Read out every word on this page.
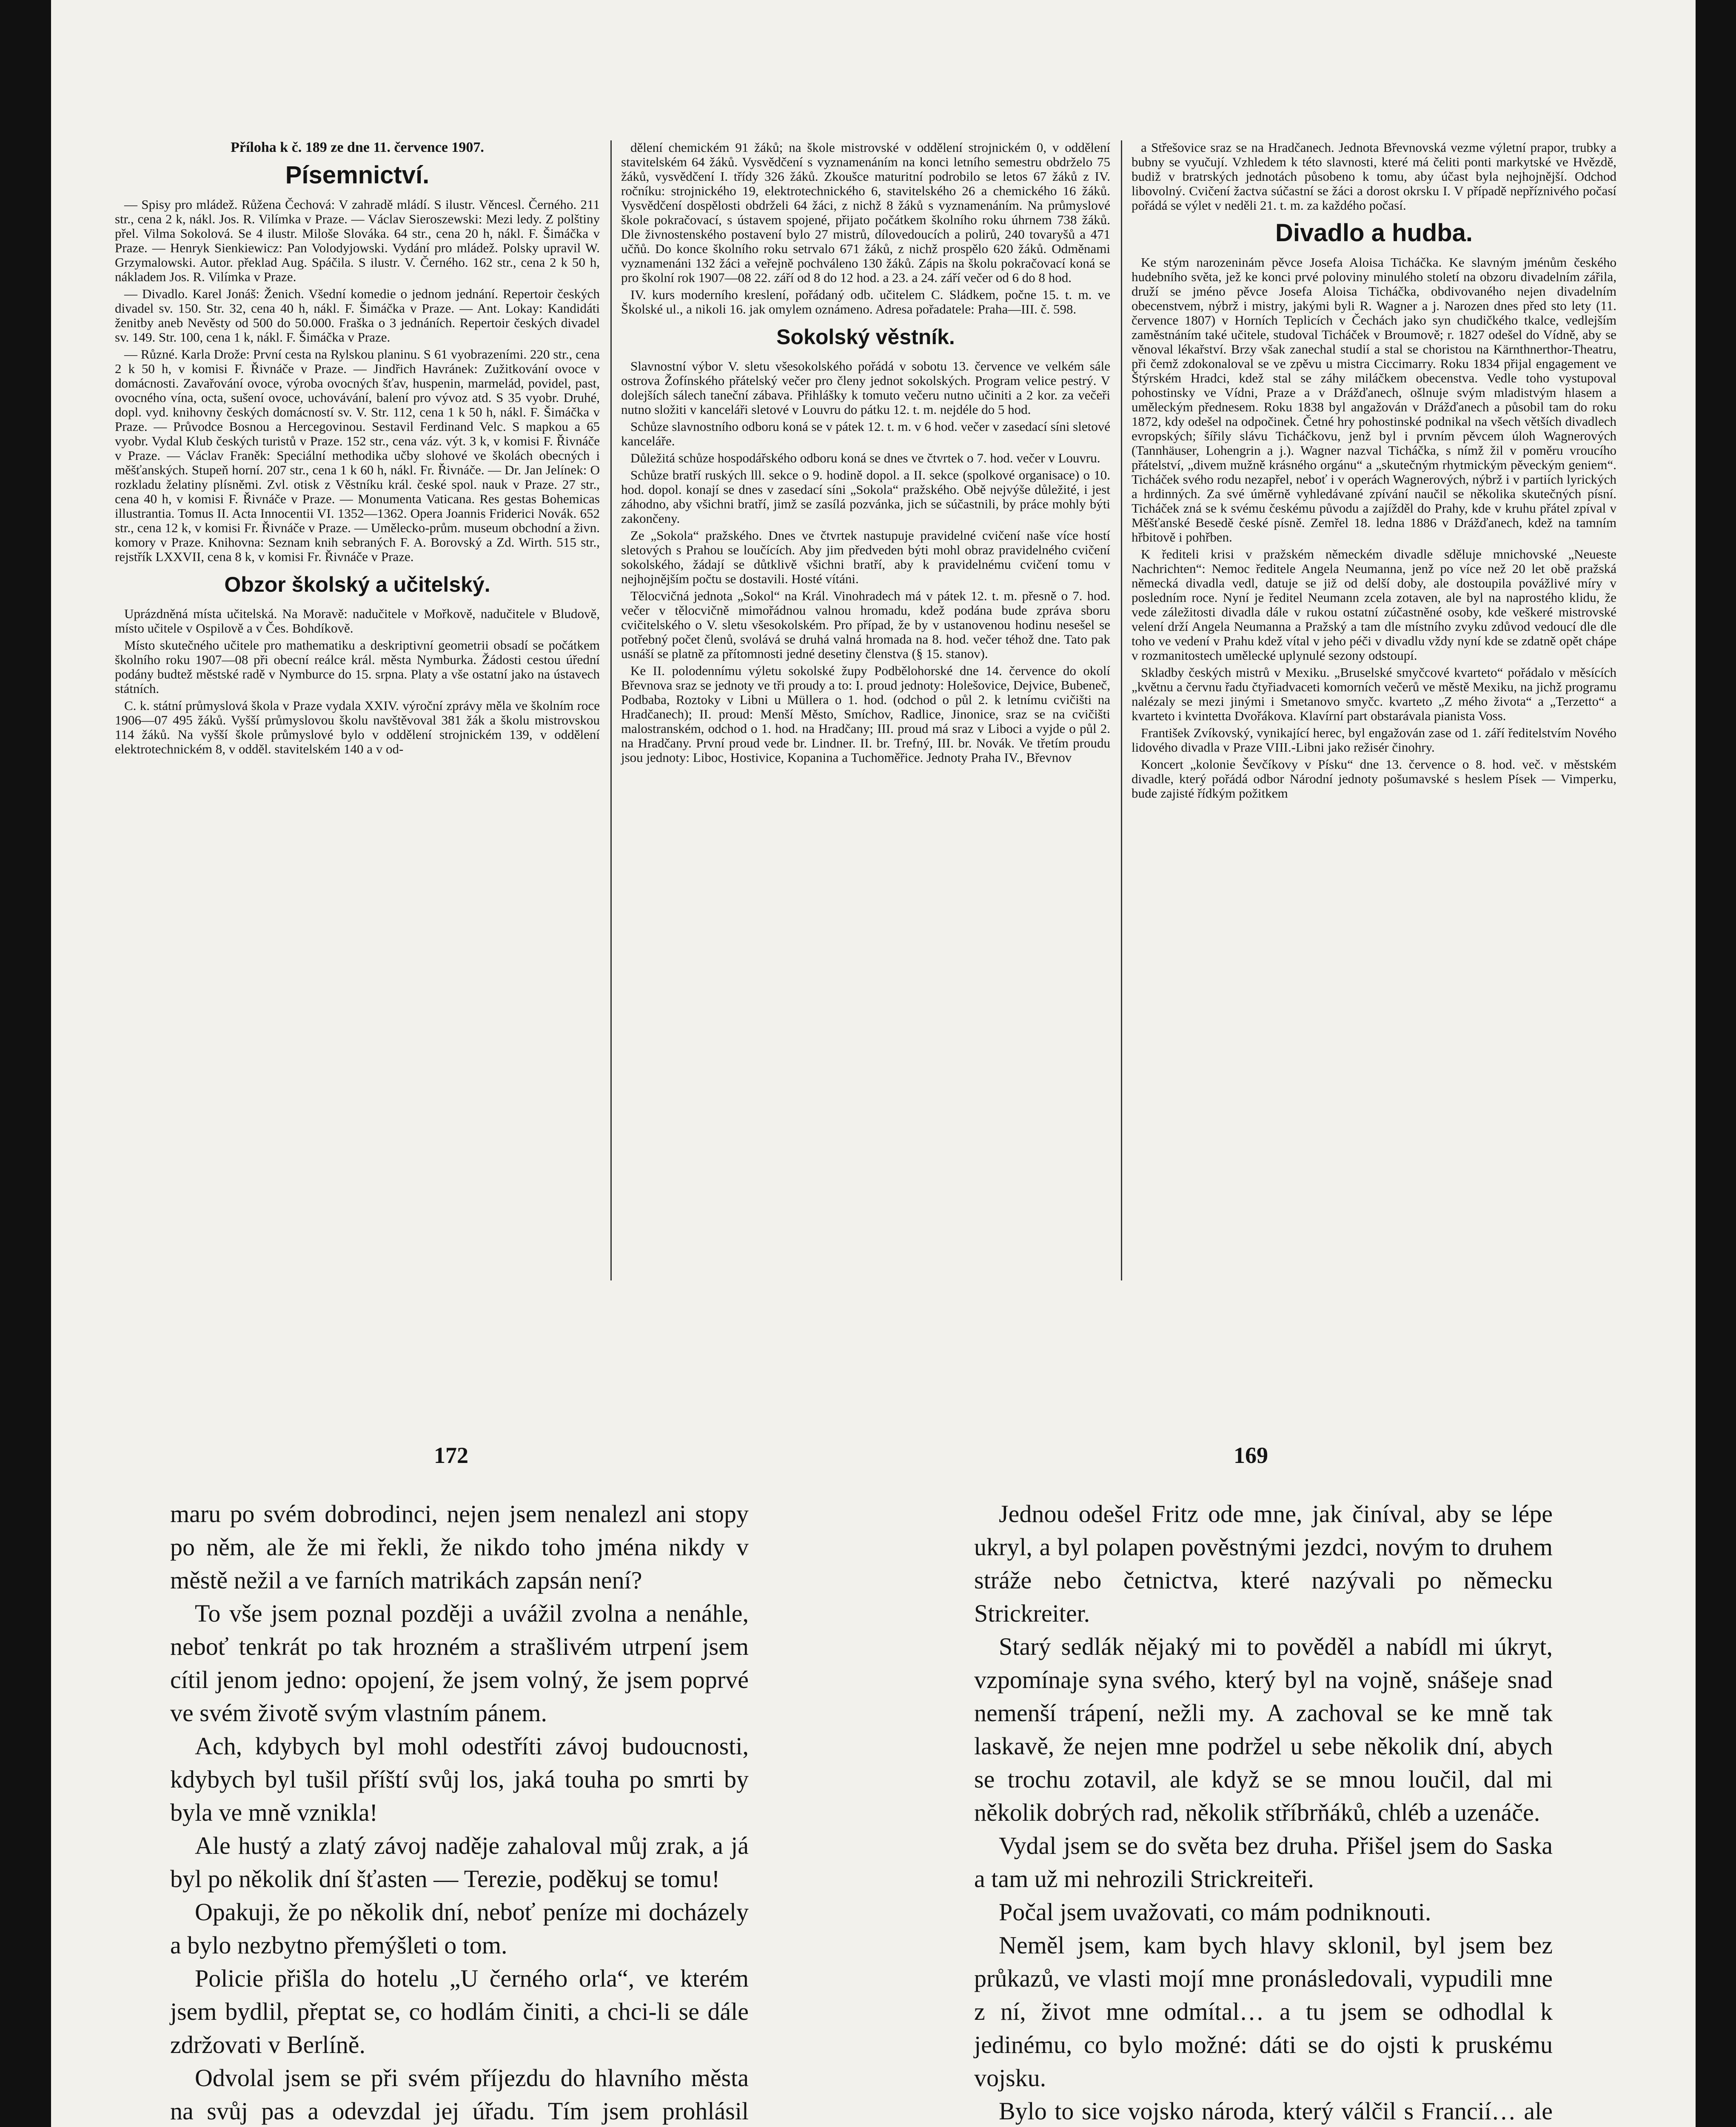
Příloha k č. 189 ze dne 11. července 1907.

Písemnictví.

— Spisy pro mládež. Růžena Čechová: V zahradě mládí. S ilustr. Věncesl. Černého. 211 str., cena 2 k, nákl. Jos. R. Vilímka v Praze. — Václav Sieroszewski: Mezi ledy. Z polštiny přel. Vilma Sokolová. Se 4 ilustr. Miloše Slováka. 64 str., cena 20 h, nákl. F. Šimáčka v Praze. — Henryk Sienkiewicz: Pan Volodyjowski. Vydání pro mládež. Polsky upravil W. Grzymalowski. Autor. překlad Aug. Spáčila. S ilustr. V. Černého. 162 str., cena 2 k 50 h, nákladem Jos. R. Vilímka v Praze.

— Divadlo. Karel Jonáš: Ženich. Všední komedie o jednom jednání. Repertoir českých divadel sv. 150. Str. 32, cena 40 h, nákl. F. Šimáčka v Praze. — Ant. Lokay: Kandidáti ženitby aneb Nevěsty od 500 do 50.000. Fraška o 3 jednáních. Repertoir českých divadel sv. 149. Str. 100, cena 1 k, nákl. F. Šimáčka v Praze.

— Různé. Karla Drože: První cesta na Rylskou planinu. S 61 vyobrazeními. 220 str., cena 2 k 50 h, v komisi F. Řivnáče v Praze. — Jindřich Havránek: Zužitkování ovoce v domácnosti. Zavařování ovoce, výroba ovocných šťav, huspenin, marmelád, povidel, past, ovocného vína, octa, sušení ovoce, uchovávání, balení pro vývoz atd. S 35 vyobr. Druhé, dopl. vyd. knihovny českých domácností sv. V. Str. 112, cena 1 k 50 h, nákl. F. Šimáčka v Praze. — Průvodce Bosnou a Hercegovinou. Sestavil Ferdinand Velc. S mapkou a 65 vyobr. Vydal Klub českých turistů v Praze. 152 str., cena váz. výt. 3 k, v komisi F. Řivnáče v Praze. — Václav Franěk: Speciální methodika učby slohové ve školách obecných i měšťanských. Stupeň horní. 207 str., cena 1 k 60 h, nákl. Fr. Řivnáče. — Dr. Jan Jelínek: O rozkladu želatiny plísněmi. Zvl. otisk z Věstníku král. české spol. nauk v Praze. 27 str., cena 40 h, v komisi F. Řivnáče v Praze. — Monumenta Vaticana. Res gestas Bohemicas illustrantia. Tomus II. Acta Innocentii VI. 1352—1362. Opera Joannis Friderici Novák. 652 str., cena 12 k, v komisi Fr. Řivnáče v Praze. — Umělecko-prům. museum obchodní a živn. komory v Praze. Knihovna: Seznam knih sebraných F. A. Borovský a Zd. Wirth. 515 str., rejstřík LXXVII, cena 8 k, v komisi Fr. Řivnáče v Praze.

Obzor školský a učitelský.

Uprázdněná místa učitelská. Na Moravě: nadučitele v Mořkově, nadučitele v Bludově, místo učitele v Ospilově a v Čes. Bohdíkově.

Místo skutečného učitele pro mathematiku a deskriptivní geometrii obsadí se počátkem školního roku 1907—08 při obecní reálce král. města Nymburka. Žádosti cestou úřední podány budtež městské radě v Nymburce do 15. srpna. Platy a vše ostatní jako na ústavech státních.

C. k. státní průmyslová škola v Praze vydala XXIV. výroční zprávy měla ve školním roce 1906—07 495 žáků. Vyšší průmyslovou školu navštěvoval 381 žák a školu mistrovskou 114 žáků. Na vyšší škole průmyslové bylo v oddělení strojnickém 139, v oddělení elektrotechnickém 8, v odděl. stavitelském 140 a v od-

dělení chemickém 91 žáků; na škole mistrovské v oddělení strojnickém 0, v oddělení stavitelském 64 žáků. Vysvědčení s vyznamenáním na konci letního semestru obdrželo 75 žáků, vysvědčení I. třídy 326 žáků. Zkoušce maturitní podrobilo se letos 67 žáků z IV. ročníku: strojnického 19, elektrotechnického 6, stavitelského 26 a chemického 16 žáků. Vysvědčení dospělosti obdrželi 64 žáci, z nichž 8 žáků s vyznamenáním. Na průmyslové škole pokračovací, s ústavem spojené, přijato počátkem školního roku úhrnem 738 žáků. Dle živnostenského postavení bylo 27 mistrů, dílovedoucích a polirů, 240 tovaryšů a 471 učňů. Do konce školního roku setrvalo 671 žáků, z nichž prospělo 620 žáků. Odměnami vyznamenáni 132 žáci a veřejně pochváleno 130 žáků. Zápis na školu pokračovací koná se pro školní rok 1907—08 22. září od 8 do 12 hod. a 23. a 24. září večer od 6 do 8 hod.

IV. kurs moderního kreslení, pořádaný odb. učitelem C. Sládkem, počne 15. t. m. ve Školské ul., a nikoli 16. jak omylem oznámeno. Adresa pořadatele: Praha—III. č. 598.

Sokolský věstník.

Slavnostní výbor V. sletu všesokolského pořádá v sobotu 13. července ve velkém sále ostrova Žofínského přátelský večer pro členy jednot sokolských. Program velice pestrý. V dolejších sálech taneční zábava. Přihlášky k tomuto večeru nutno učiniti a 2 kor. za večeři nutno složiti v kanceláři sletové v Louvru do pátku 12. t. m. nejdéle do 5 hod.

Schůze slavnostního odboru koná se v pátek 12. t. m. v 6 hod. večer v zasedací síni sletové kanceláře.

Důležitá schůze hospodářského odboru koná se dnes ve čtvrtek o 7. hod. večer v Louvru.

Schůze bratří ruských lll. sekce o 9. hodině dopol. a II. sekce (spolkové organisace) o 10. hod. dopol. konají se dnes v zasedací síni „Sokola“ pražského. Obě nejvýše důležité, i jest záhodno, aby všichni bratří, jimž se zasílá pozvánka, jich se súčastnili, by práce mohly býti zakončeny.

Ze „Sokola“ pražského. Dnes ve čtvrtek nastupuje pravidelné cvičení naše více hostí sletových s Prahou se loučících. Aby jim předveden býti mohl obraz pravidelného cvičení sokolského, žádají se důtklivě všichni bratří, aby k pravidelnému cvičení tomu v nejhojnějším počtu se dostavili. Hosté vítáni.

Tělocvičná jednota „Sokol“ na Král. Vinohradech má v pátek 12. t. m. přesně o 7. hod. večer v tělocvičně mimořádnou valnou hromadu, kdež podána bude zpráva sboru cvičitelského o V. sletu všesokolském. Pro případ, že by v ustanovenou hodinu nesešel se potřebný počet členů, svolává se druhá valná hromada na 8. hod. večer téhož dne. Tato pak usnáší se platně za přítomnosti jedné desetiny členstva (§ 15. stanov).

Ke II. polodennímu výletu sokolské župy Podbělohorské dne 14. července do okolí Břevnova sraz se jednoty ve tři proudy a to: I. proud jednoty: Holešovice, Dejvice, Bubeneč, Podbaba, Roztoky v Libni u Müllera o 1. hod. (odchod o půl 2. k letnímu cvičišti na Hradčanech); II. proud: Menší Město, Smíchov, Radlice, Jinonice, sraz se na cvičišti malostranském, odchod o 1. hod. na Hradčany; III. proud má sraz v Liboci a vyjde o půl 2. na Hradčany. První proud vede br. Lindner. II. br. Trefný, III. br. Novák. Ve třetím proudu jsou jednoty: Liboc, Hostivice, Kopanina a Tuchoměřice. Jednoty Praha IV., Břevnov

a Střešovice sraz se na Hradčanech. Jednota Břevnovská vezme výletní prapor, trubky a bubny se vyučují. Vzhledem k této slavnosti, které má čeliti ponti markytské ve Hvězdě, budiž v bratrských jednotách působeno k tomu, aby účast byla nejhojnější. Odchod libovolný. Cvičení žactva súčastní se žáci a dorost okrsku I. V případě nepříznivého počasí pořádá se výlet v neděli 21. t. m. za každého počasí.

Divadlo a hudba.

Ke stým narozeninám pěvce Josefa Aloisa Ticháčka. Ke slavným jménům českého hudebního světa, jež ke konci prvé poloviny minulého století na obzoru divadelním zářila, druží se jméno pěvce Josefa Aloisa Ticháčka, obdivovaného nejen divadelním obecenstvem, nýbrž i mistry, jakými byli R. Wagner a j. Narozen dnes před sto lety (11. července 1807) v Horních Teplicích v Čechách jako syn chudičkého tkalce, vedlejším zaměstnáním také učitele, studoval Ticháček v Broumově; r. 1827 odešel do Vídně, aby se věnoval lékařství. Brzy však zanechal studií a stal se choristou na Kärnthnerthor-Theatru, při čemž zdokonaloval se ve zpěvu u mistra Ciccimarry. Roku 1834 přijal engagement ve Štýrském Hradci, kdež stal se záhy miláčkem obecenstva. Vedle toho vystupoval pohostinsky ve Vídni, Praze a v Drážďanech, ošlnuje svým mladistvým hlasem a uměleckým přednesem. Roku 1838 byl angažován v Drážďanech a působil tam do roku 1872, kdy odešel na odpočinek. Četné hry pohostinské podnikal na všech větších divadlech evropských; šířily slávu Ticháčkovu, jenž byl i prvním pěvcem úloh Wagnerových (Tannhäuser, Lohengrin a j.). Wagner nazval Ticháčka, s nímž žil v poměru vroucího přátelství, „divem mužně krásného orgánu“ a „skutečným rhytmickým pěveckým geniem“. Ticháček svého rodu nezapřel, neboť i v operách Wagnerových, nýbrž i v partiích lyrických a hrdinných. Za své úměrně vyhledávané zpívání naučil se několika skutečných písní. Ticháček zná se k svému českému původu a zajížděl do Prahy, kde v kruhu přátel zpíval v Měšťanské Besedě české písně. Zemřel 18. ledna 1886 v Drážďanech, kdež na tamním hřbitově i pohřben.

K řediteli krisi v pražském německém divadle sděluje mnichovské „Neueste Nachrichten“: Nemoc ředitele Angela Neumanna, jenž po více než 20 let obě pražská německá divadla vedl, datuje se již od delší doby, ale dostoupila povážlivé míry v posledním roce. Nyní je ředitel Neumann zcela zotaven, ale byl na naprostého klidu, že vede záležitosti divadla dále v rukou ostatní zúčastněné osoby, kde veškeré mistrovské velení drží Angela Neumanna a Pražský a tam dle místního zvyku zdůvod vedoucí dle dle toho ve vedení v Prahu kdež vítal v jeho péči v divadlu vždy nyní kde se zdatně opět chápe v rozmanitostech umělecké uplynulé sezony odstoupí.

Skladby českých mistrů v Mexiku. „Bruselské smyčcové kvarteto“ pořádalo v měsících „květnu a červnu řadu čtyřiadvaceti komorních večerů ve městě Mexiku, na jichž programu nalézaly se mezi jinými i Smetanovo smyčc. kvarteto „Z mého života“ a „Terzetto“ a kvarteto i kvintetta Dvořákova. Klavírní part obstarávala pianista Voss.

František Zvíkovský, vynikající herec, byl engažován zase od 1. září ředitelstvím Nového lidového divadla v Praze VIII.-Libni jako režisér činohry.

Koncert „kolonie Ševčíkovy v Písku“ dne 13. července o 8. hod. več. v městském divadle, který pořádá odbor Národní jednoty pošumavské s heslem Písek — Vimperku, bude zajisté řídkým požitkem

172	169

maru po svém dobrodinci, nejen jsem nenalezl ani stopy po něm, ale že mi řekli, že nikdo toho jména nikdy v městě nežil a ve farních matrikách zapsán není?

To vše jsem poznal později a uvážil zvolna a nenáhle, neboť tenkrát po tak hrozném a strašlivém utrpení jsem cítil jenom jedno: opojení, že jsem volný, že jsem poprvé ve svém životě svým vlastním pánem.

Ach, kdybych byl mohl odestříti závoj budoucnosti, kdybych byl tušil příští svůj los, jaká touha po smrti by byla ve mně vznikla!

Ale hustý a zlatý závoj naděje zahaloval můj zrak, a já byl po několik dní šťasten — Terezie, poděkuj se tomu!

Opakuji, že po několik dní, neboť peníze mi docházely a bylo nezbytno přemýšleti o tom.

Policie přišla do hotelu „U černého orla“, ve kterém jsem bydlil, přeptat se, co hodlám činiti, a chci-li se dále zdržovati v Berlíně.

Odvolal jsem se při svém příjezdu do hlavního města na svůj pas a odevzdal jej úřadu. Tím jsem prohlásil

Jednou odešel Fritz ode mne, jak činíval, aby se lépe ukryl, a byl polapen pověstnými jezdci, novým to druhem stráže nebo četnictva, které nazývali po německu Strickreiter.

Starý sedlák nějaký mi to pověděl a nabídl mi úkryt, vzpomínaje syna svého, který byl na vojně, snášeje snad nemenší trápení, nežli my. A zachoval se ke mně tak laskavě, že nejen mne podržel u sebe několik dní, abych se trochu zotavil, ale když se se mnou loučil, dal mi několik dobrých rad, několik stříbrňáků, chléb a uzenáče.

Vydal jsem se do světa bez druha. Přišel jsem do Saska a tam už mi nehrozili Strickreiteři.

Počal jsem uvažovati, co mám podniknouti.

Neměl jsem, kam bych hlavy sklonil, byl jsem bez průkazů, ve vlasti mojí mne pronásledovali, vypudili mne z ní, život mne odmítal… a tu jsem se odhodlal k jedinému, co bylo možné: dáti se do ojsti k pruskému vojsku.

Bylo to sice vojsko národa, který válčil s Francií… ale
